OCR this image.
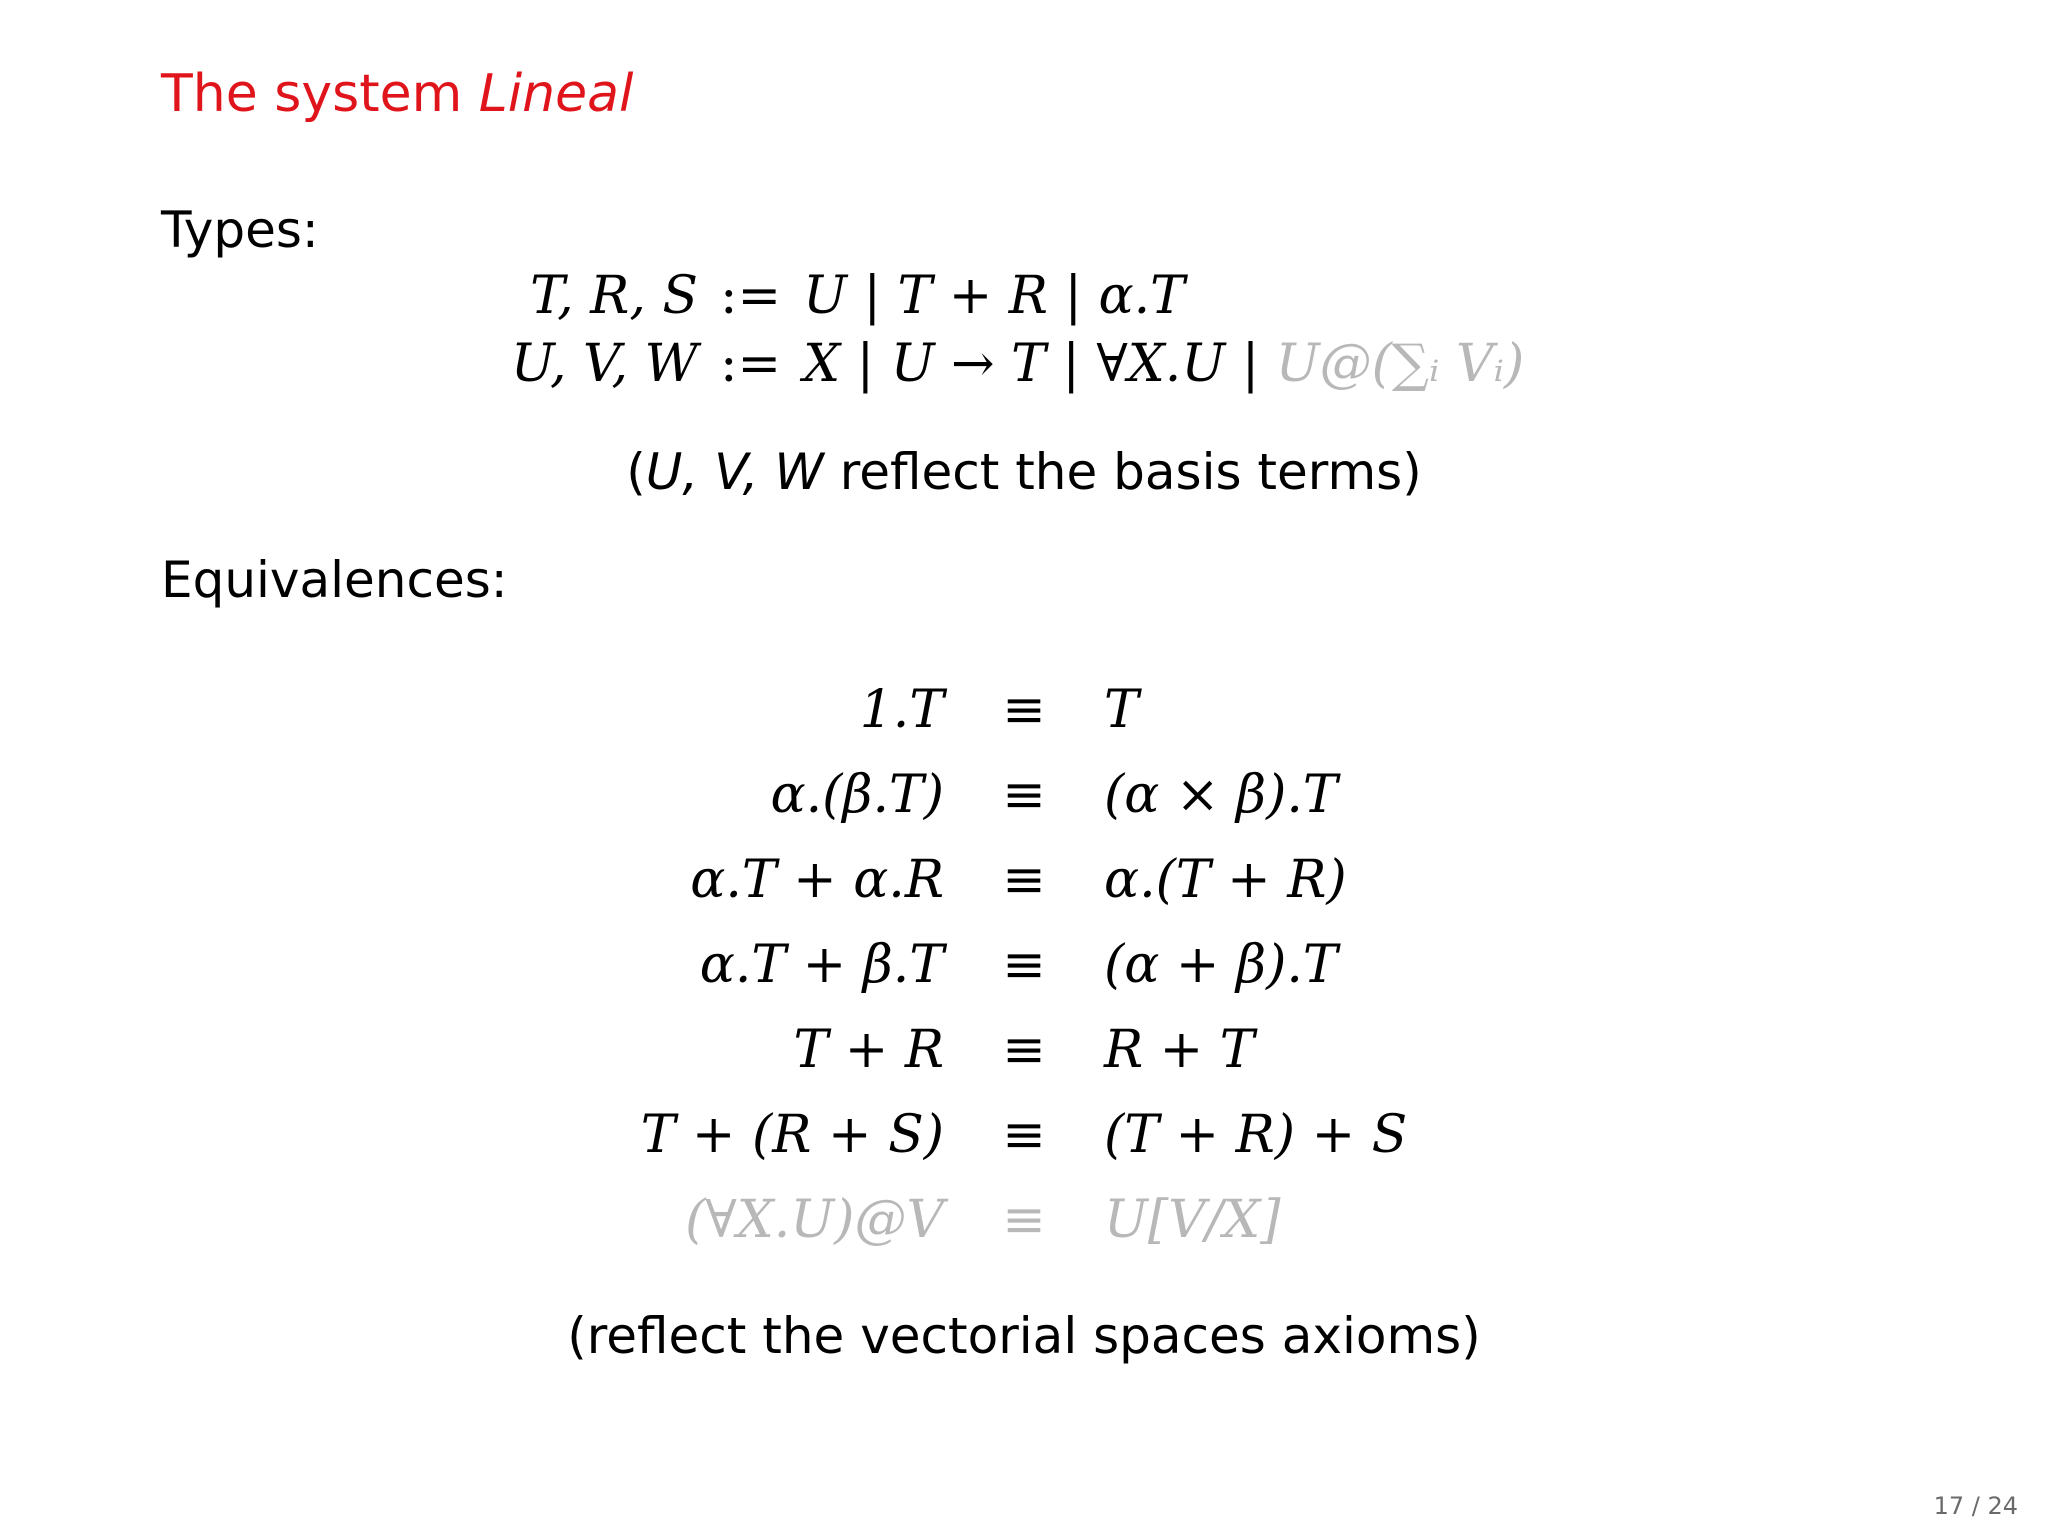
The system Lineal
Types:
T, R, S := U | T + R | α.T
U, V, W := X | U → T | ∀X.U | U@(∑ᵢ Vᵢ)
(U, V, W reflect the basis terms)
Equivalences:
1.T	≡	T
α.(β.T)	≡	(α × β).T
α.T + α.R	≡	α.(T + R)
α.T + β.T	≡	(α + β).T
T + R	≡	R + T
T + (R + S)	≡	(T + R) + S
(∀X.U)@V	≡	U[V/X]
(reflect the vectorial spaces axioms)
17 / 24
